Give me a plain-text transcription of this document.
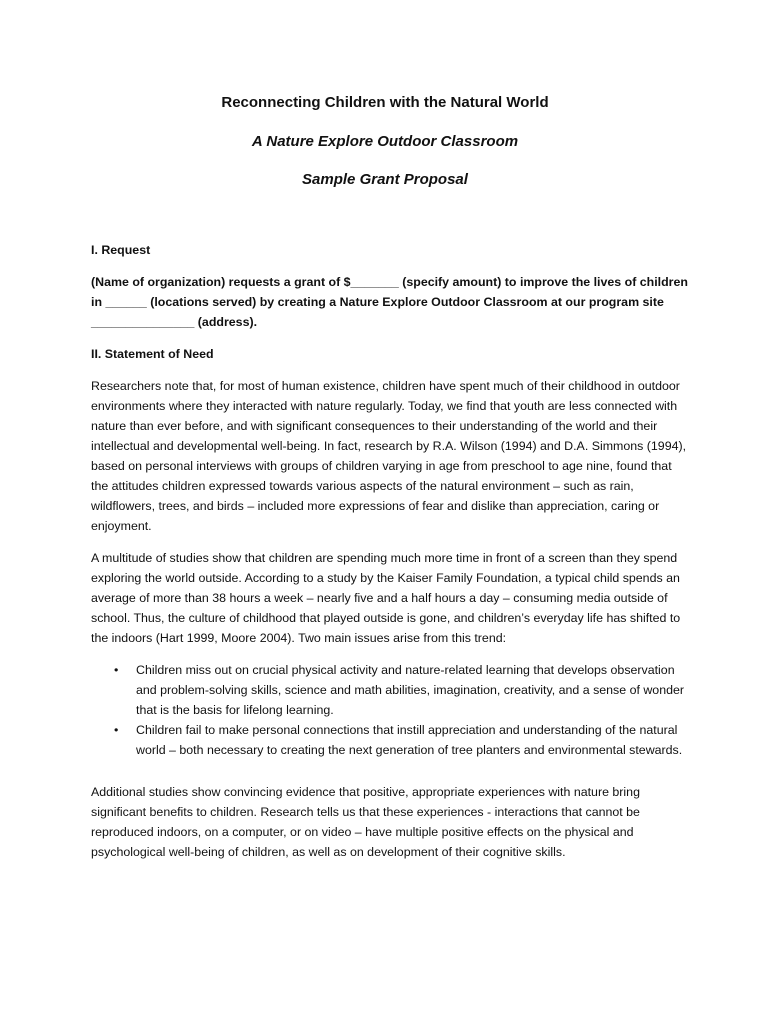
Reconnecting Children with the Natural World
A Nature Explore Outdoor Classroom
Sample Grant Proposal

I. Request

(Name of organization) requests a grant of $_______ (specify amount) to improve the lives of children in ______ (locations served) by creating a Nature Explore Outdoor Classroom at our program site _______________ (address).

II. Statement of Need

Researchers note that, for most of human existence, children have spent much of their childhood in outdoor environments where they interacted with nature regularly. Today, we find that youth are less connected with nature than ever before, and with significant consequences to their understanding of the world and their intellectual and developmental well-being. In fact, research by R.A. Wilson (1994) and D.A. Simmons (1994), based on personal interviews with groups of children varying in age from preschool to age nine, found that the attitudes children expressed towards various aspects of the natural environment – such as rain, wildflowers, trees, and birds – included more expressions of fear and dislike than appreciation, caring or enjoyment.

A multitude of studies show that children are spending much more time in front of a screen than they spend exploring the world outside. According to a study by the Kaiser Family Foundation, a typical child spends an average of more than 38 hours a week – nearly five and a half hours a day – consuming media outside of school. Thus, the culture of childhood that played outside is gone, and children’s everyday life has shifted to the indoors (Hart 1999, Moore 2004). Two main issues arise from this trend:

• Children miss out on crucial physical activity and nature-related learning that develops observation and problem-solving skills, science and math abilities, imagination, creativity, and a sense of wonder that is the basis for lifelong learning.
• Children fail to make personal connections that instill appreciation and understanding of the natural world – both necessary to creating the next generation of tree planters and environmental stewards.

Additional studies show convincing evidence that positive, appropriate experiences with nature bring significant benefits to children. Research tells us that these experiences - interactions that cannot be reproduced indoors, on a computer, or on video – have multiple positive effects on the physical and psychological well-being of children, as well as on development of their cognitive skills.
